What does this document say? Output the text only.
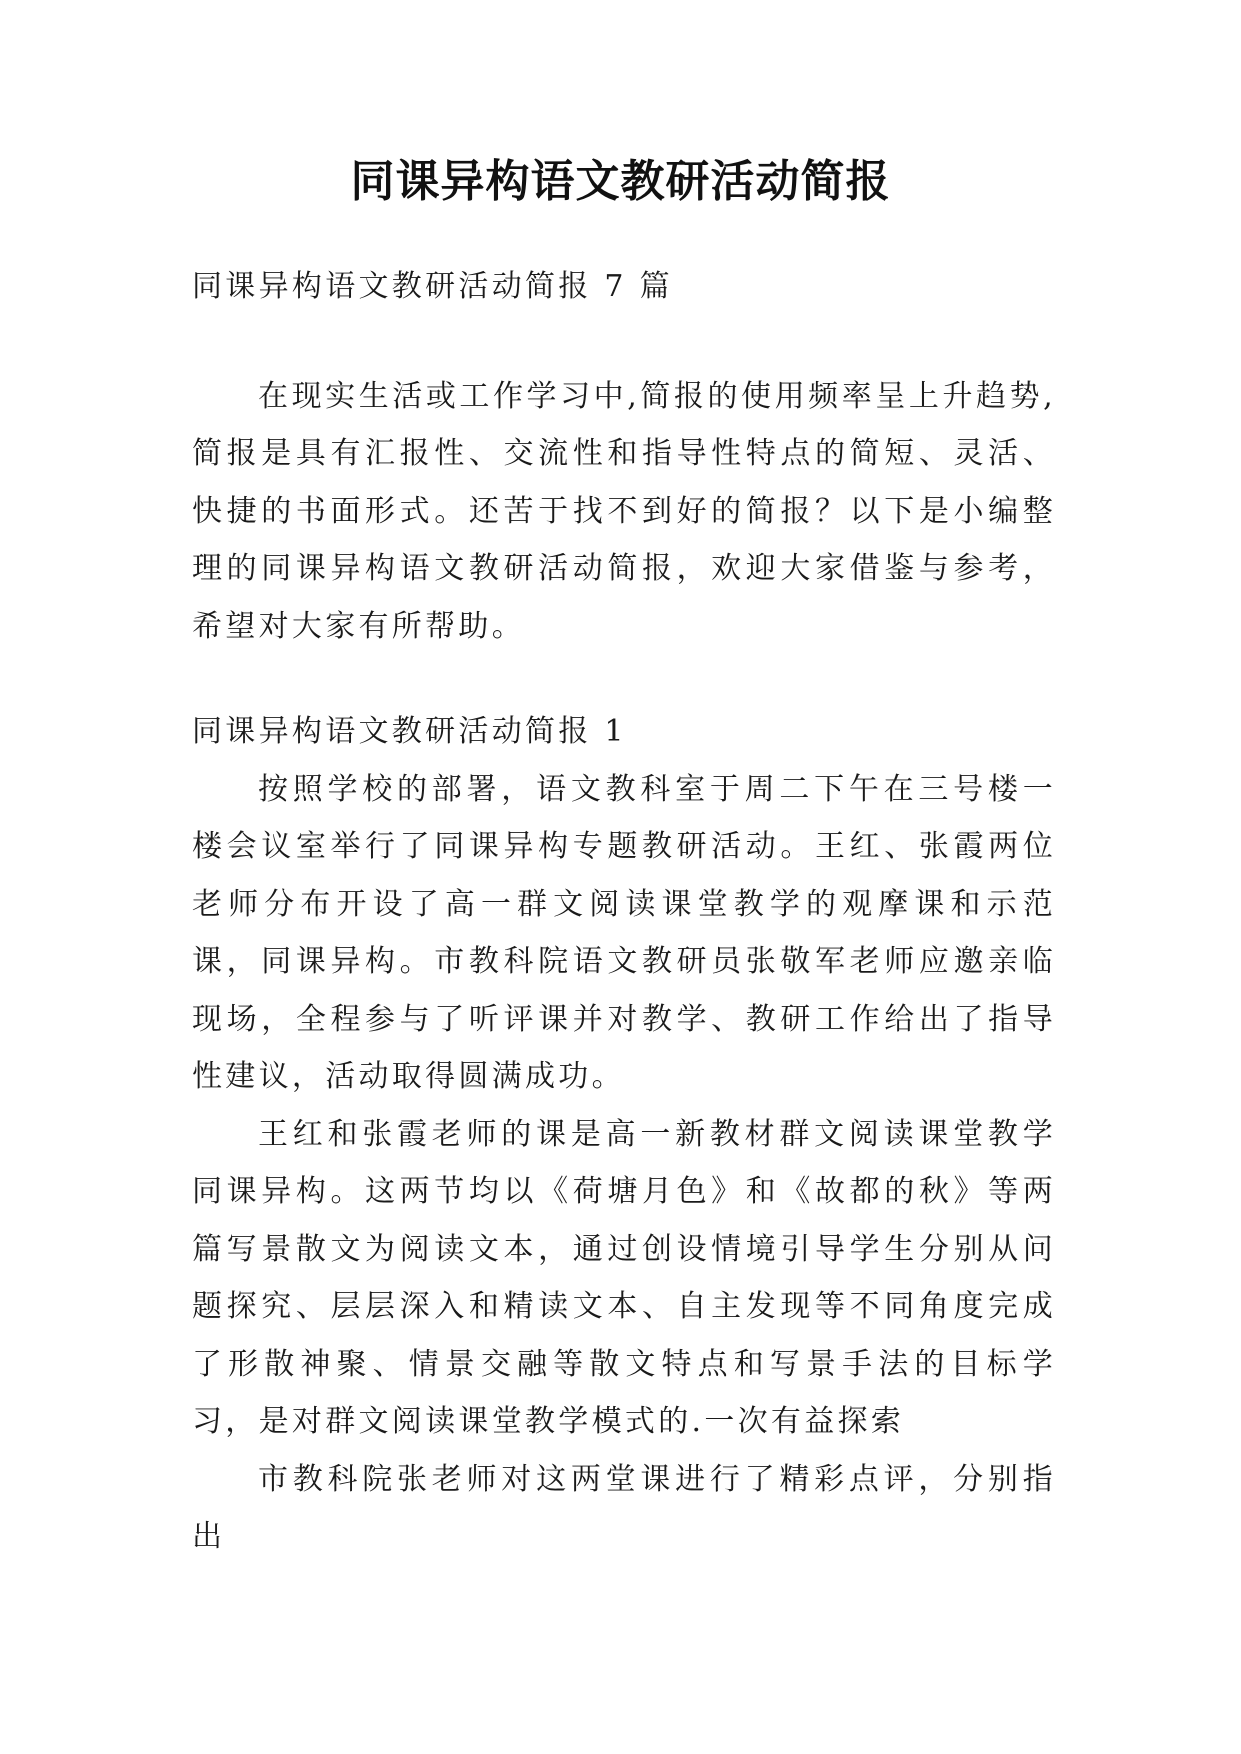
同课异构语文教研活动简报

同课异构语文教研活动简报 7 篇

在现实生活或工作学习中,简报的使用频率呈上升趋势,简报是具有汇报性、交流性和指导性特点的简短、灵活、快捷的书面形式。还苦于找不到好的简报？以下是小编整理的同课异构语文教研活动简报，欢迎大家借鉴与参考，希望对大家有所帮助。

同课异构语文教研活动简报 1

按照学校的部署，语文教科室于周二下午在三号楼一楼会议室举行了同课异构专题教研活动。王红、张霞两位老师分布开设了高一群文阅读课堂教学的观摩课和示范课，同课异构。市教科院语文教研员张敬军老师应邀亲临现场，全程参与了听评课并对教学、教研工作给出了指导性建议，活动取得圆满成功。

王红和张霞老师的课是高一新教材群文阅读课堂教学同课异构。这两节均以《荷塘月色》和《故都的秋》等两篇写景散文为阅读文本，通过创设情境引导学生分别从问题探究、层层深入和精读文本、自主发现等不同角度完成了形散神聚、情景交融等散文特点和写景手法的目标学习，是对群文阅读课堂教学模式的.一次有益探索

市教科院张老师对这两堂课进行了精彩点评，分别指出
